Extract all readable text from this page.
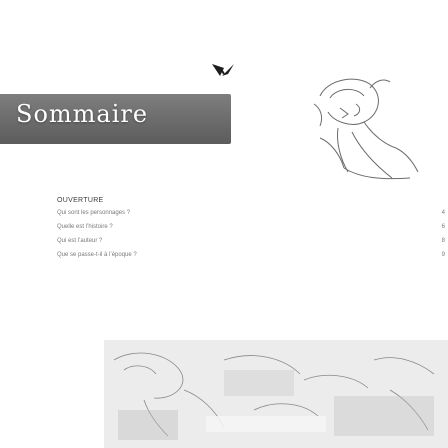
Sommaire
OUVERTURE
Qui sont les personnages ?	4
Quelle est l’histoire ?	6
Qui est l’auteur ?	8
Que se passe-t-il à l’époque ?	9
